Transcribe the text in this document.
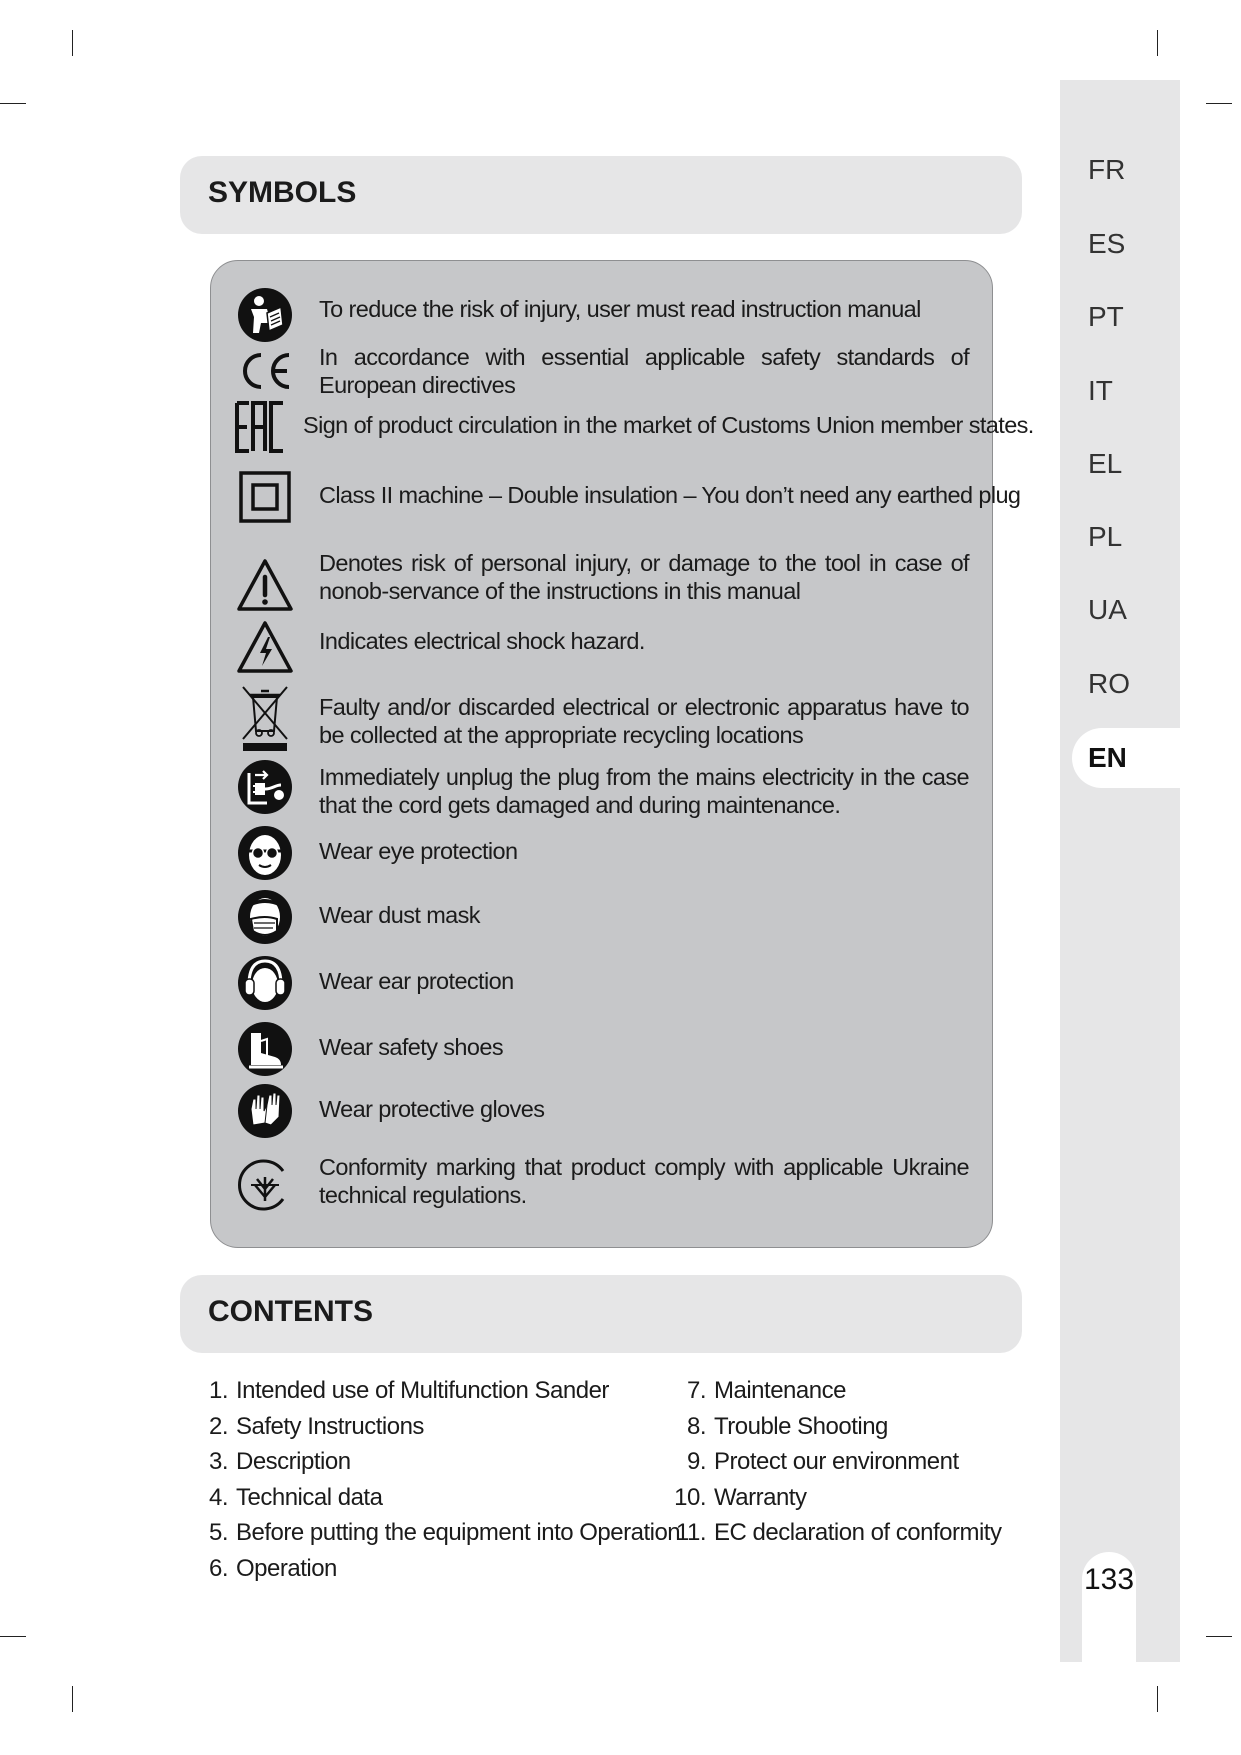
FR
ES
PT
IT
EL
PL
UA
RO
EN
133
SYMBOLS
To reduce the risk of injury, user must read instruction manual
In accordance with essential applicable safety standards of European directives
Sign of product circulation in the market of Customs Union member states.
Class II machine – Double insulation – You don’t need any earthed plug
Denotes risk of personal injury, or damage to the tool in case of nonob-servance of the instructions in this manual
Indicates electrical shock hazard.
Faulty and/or discarded electrical or electronic apparatus have to be collected at the appropriate recycling locations
Immediately unplug the plug from the mains electricity in the case that the cord gets damaged and during maintenance.
Wear eye protection
Wear dust mask
Wear ear protection
Wear safety shoes
Wear protective gloves
Conformity marking that product comply with applicable Ukraine technical regulations.
CONTENTS
1. Intended use of Multifunction Sander
2. Safety Instructions
3. Description
4. Technical data
5. Before putting the equipment into Operation
6. Operation
7. Maintenance
8. Trouble Shooting
9. Protect our environment
10. Warranty
11. EC declaration of conformity
